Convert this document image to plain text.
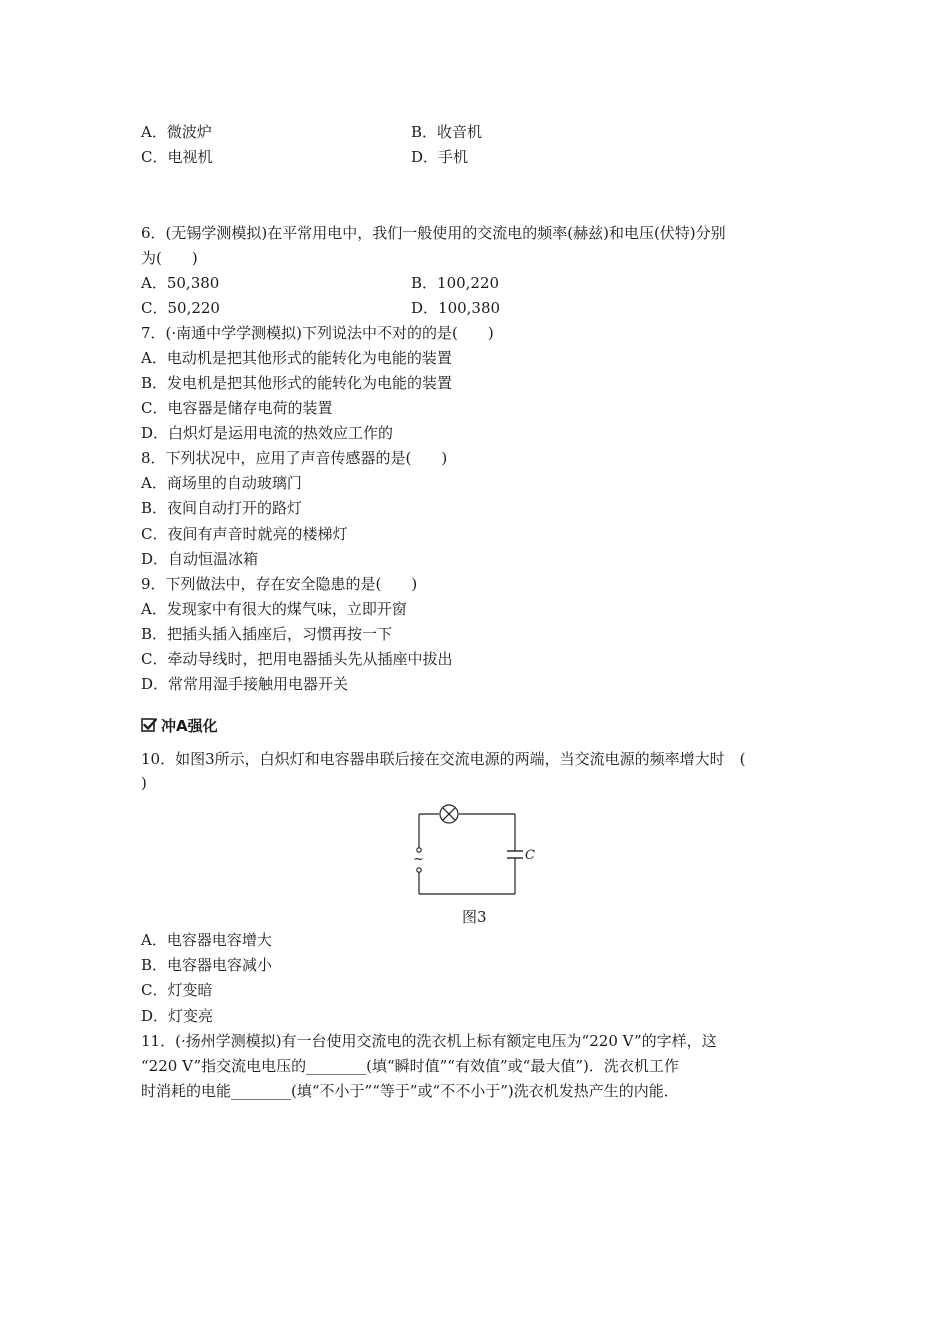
A．微波炉	B．收音机
C．电视机	D．手机
6．(无锡学测模拟)在平常用电中，我们一般使用的交流电的频率(赫兹)和电压(伏特)分别
为(　　)
A．50,380	B．100,220
C．50,220	D．100,380
7．(·南通中学学测模拟)下列说法中不对的的是(　　)
A．电动机是把其他形式的能转化为电能的装置
B．发电机是把其他形式的能转化为电能的装置
C．电容器是储存电荷的装置
D．白炽灯是运用电流的热效应工作的
8．下列状况中，应用了声音传感器的是(　　)
A．商场里的自动玻璃门
B．夜间自动打开的路灯
C．夜间有声音时就亮的楼梯灯
D．自动恒温冰箱
9．下列做法中，存在安全隐患的是(　　)
A．发现家中有很大的煤气味，立即开窗
B．把插头插入插座后，习惯再按一下
C．牵动导线时，把用电器插头先从插座中拔出
D．常常用湿手接触用电器开关
冲A强化
10．如图3所示，白炽灯和电容器串联后接在交流电源的两端，当交流电源的频率增大时　(
)
~	C
图3
A．电容器电容增大
B．电容器电容减小
C．灯变暗
D．灯变亮
11．(·扬州学测模拟)有一台使用交流电的洗衣机上标有额定电压为“220 V”的字样，这
“220 V”指交流电电压的________(填“瞬时值”“有效值”或“最大值”)．洗衣机工作
时消耗的电能________(填“不小于”“等于”或“不不小于”)洗衣机发热产生的内能．
